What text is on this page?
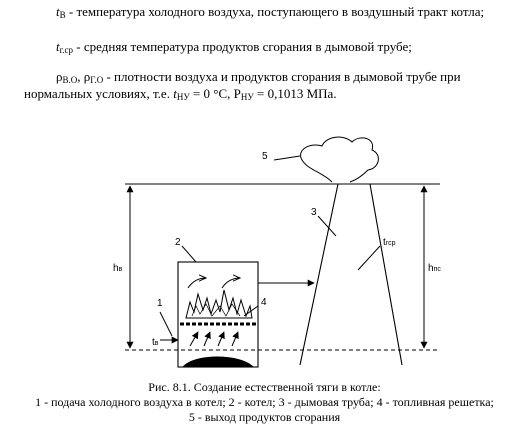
$t_В$ - температура холодного воздуха, поступающего в воздушный тракт котла;
$t_{г.ср}$ - средняя температура продуктов сгорания в дымовой трубе;
$\rho_{В.О}$, $\rho_{Г.О}$ - плотности воздуха и продуктов сгорания в дымовой трубе при
нормальных условиях, т.е. $t_{НУ} = 0$ °С, $Р_{НУ} = 0,1013$ МПа.
5
3
2
4
1
hв	hпс
tв
tгср
Рис. 8.1. Создание естественной тяги в котле:
1 - подача холодного воздуха в котел; 2 - котел; 3 - дымовая труба; 4 - топливная решетка;
5 - выход продуктов сгорания
